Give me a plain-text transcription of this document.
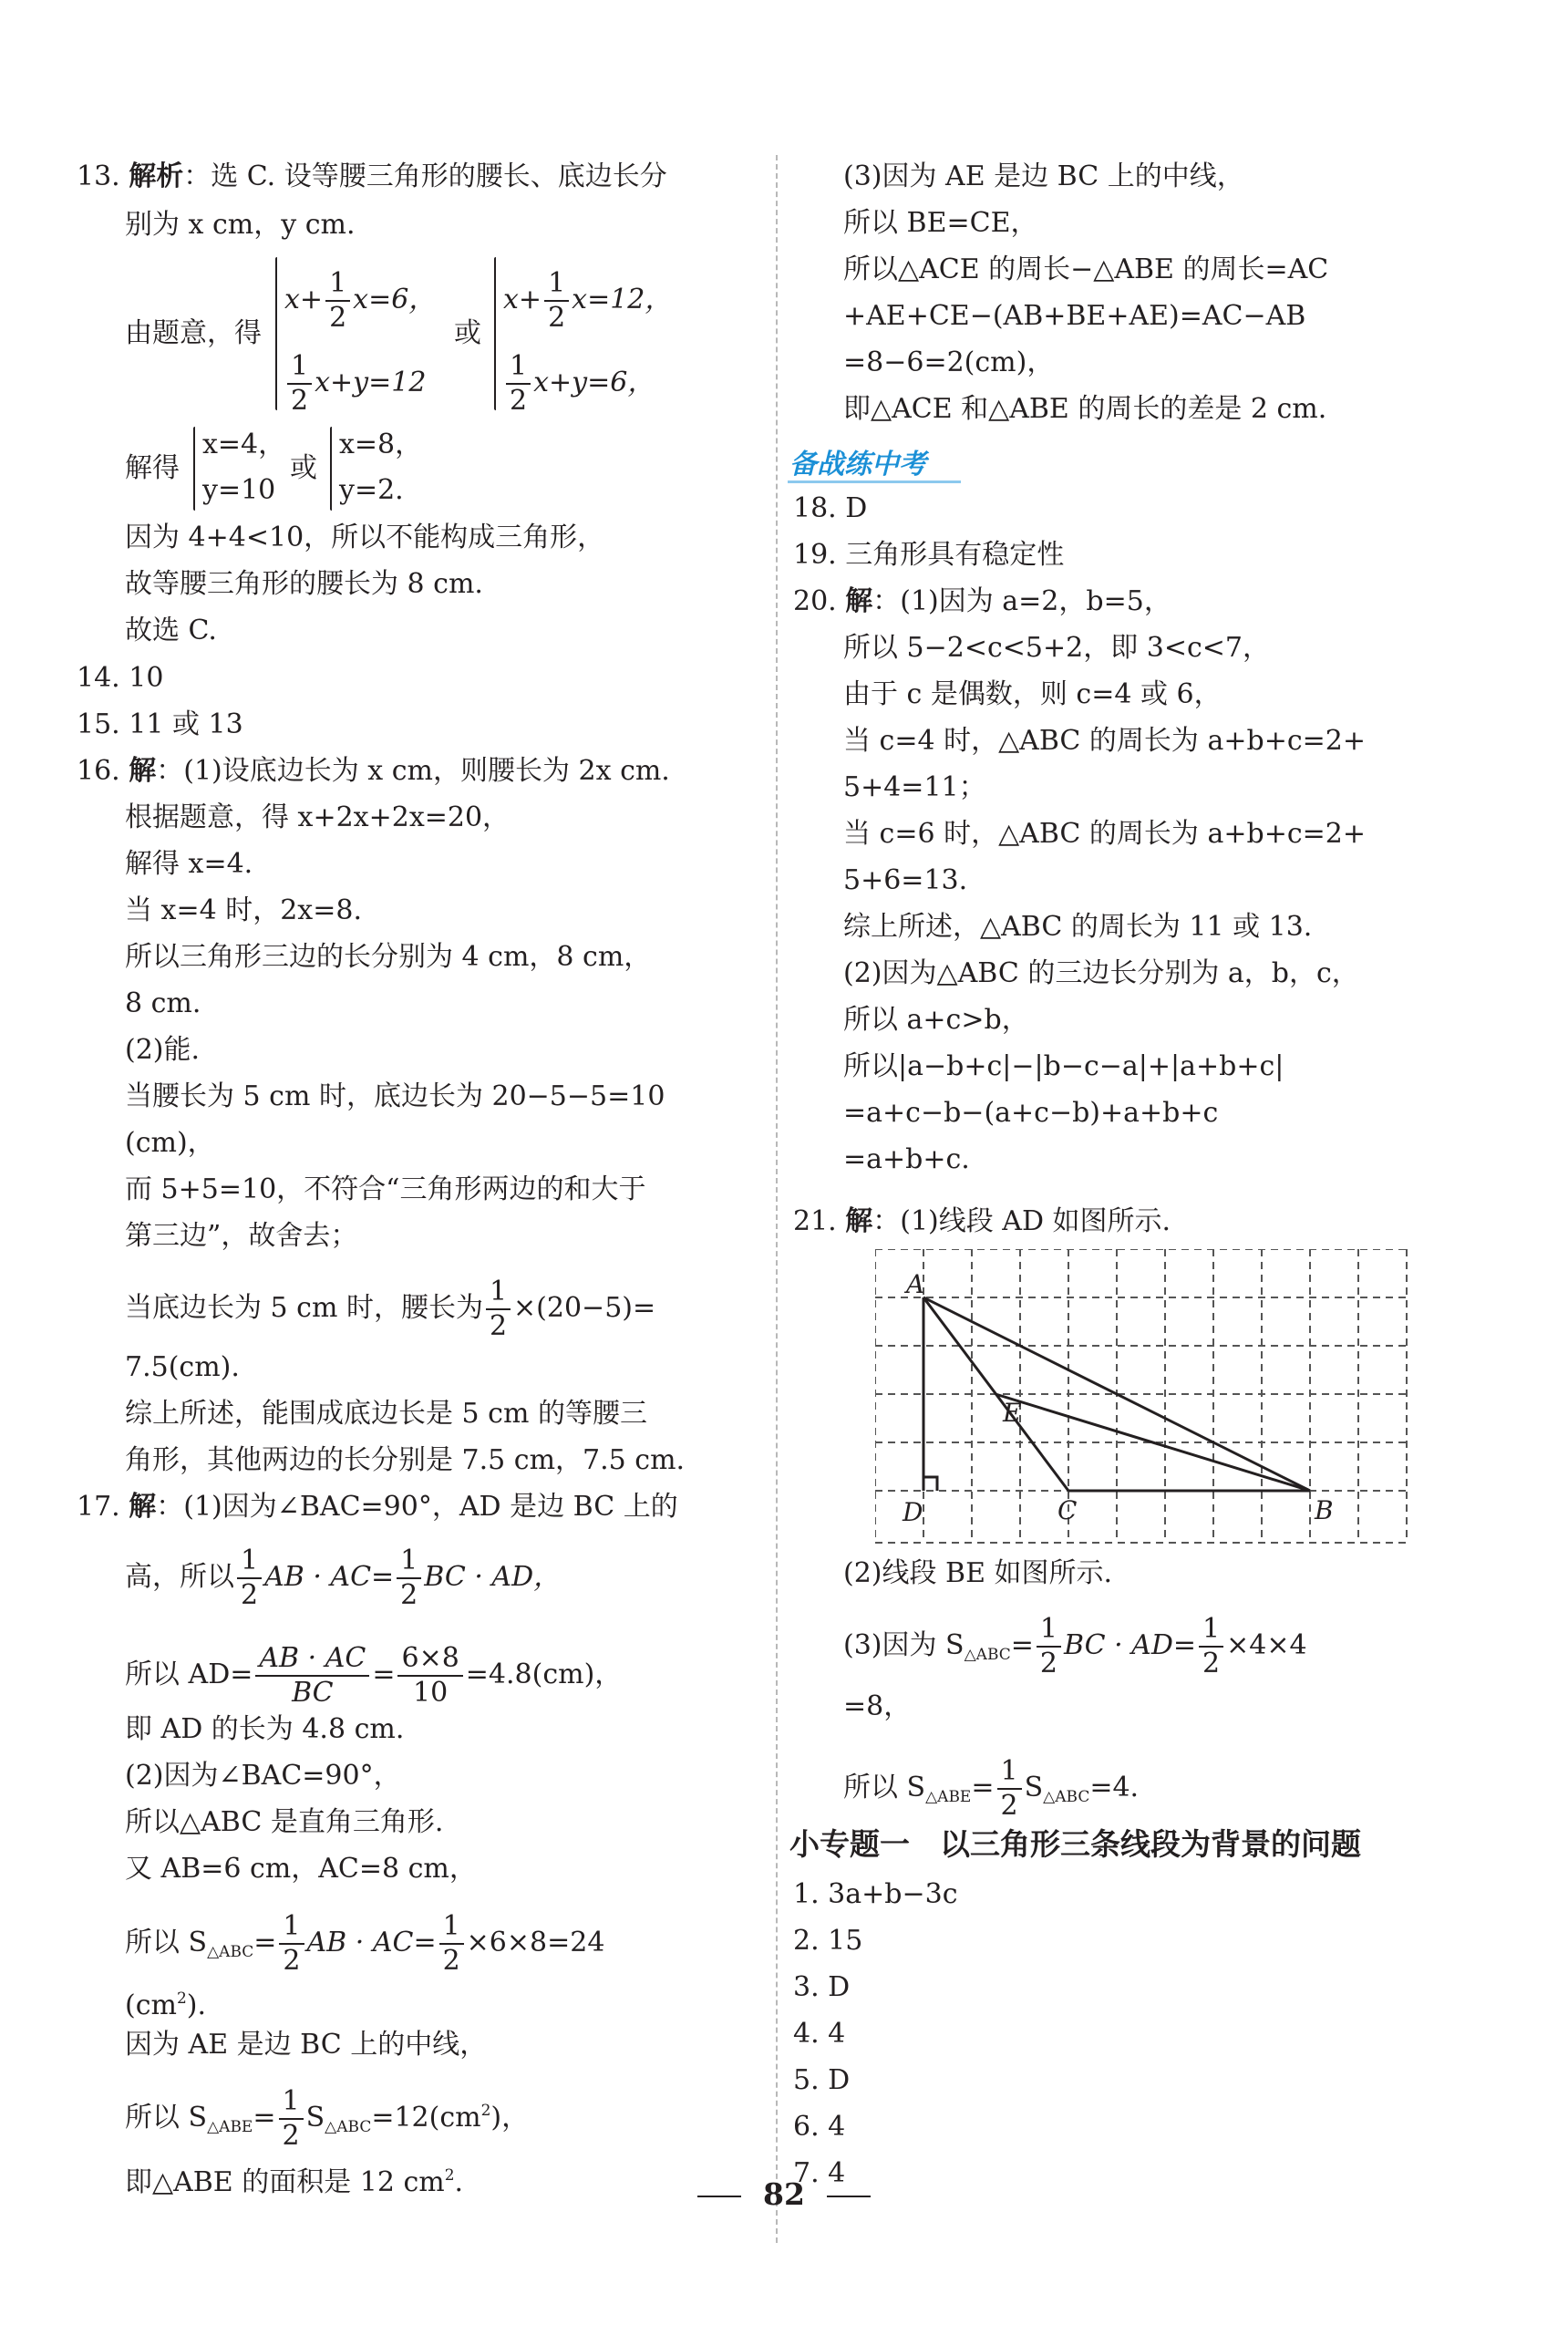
13. 解析：选 C. 设等腰三角形的腰长、底边长分
别为 x cm，y cm.
由题意，得
$x+ \frac{1}{2} x=6$，
$\frac{1}{2} x+y=12$
或
$x+ \frac{1}{2} x=12$，
$\frac{1}{2} x+y=6$，
解得
x=4，
y=10
或
x=8，
y=2.
因为 4+4<10，所以不能构成三角形，
故等腰三角形的腰长为 8 cm.
故选 C.
14. 10
15. 11 或 13
16. 解：(1)设底边长为 x cm，则腰长为 2x cm.
根据题意，得 x+2x+2x=20，
解得 x=4.
当 x=4 时，2x=8.
所以三角形三边的长分别为 4 cm，8 cm，
8 cm.
(2)能.
当腰长为 5 cm 时，底边长为 20−5−5=10
(cm)，
而 5+5=10，不符合“三角形两边的和大于
第三边”，故舍去；
当底边长为 5 cm 时，腰长为 $\frac{1}{2} \times(20-5)=$
7.5(cm).
综上所述，能围成底边长是 5 cm 的等腰三
角形，其他两边的长分别是 7.5 cm，7.5 cm.
17. 解：(1)因为∠BAC=90°，AD 是边 BC 上的
高，所以 $\frac{1}{2}$ AB · $AC= \frac{1}{2}$ BC · AD，
所以 $AD= \frac{AB \cdot AC}{BC} = \frac{6\times 8}{10} =4.8(cm)$，
即 AD 的长为 4.8 cm.
(2)因为∠BAC=90°，
所以△ABC 是直角三角形.
又 AB=6 cm，AC=8 cm，
所以 $S_{\triangle ABC}= \frac{1}{2}$ AB · $AC= \frac{1}{2} \times 6\times 8=24$
$(cm^2)$.
因为 AE 是边 BC 上的中线，
所以 $S_{\triangle ABE}= \frac{1}{2} S_{\triangle ABC}=12(cm^2)$，
即△ABE 的面积是 12 $cm^2$.
(3)因为 AE 是边 BC 上的中线，
所以 BE=CE，
所以△ACE 的周长−△ABE 的周长=AC
+AE+CE−(AB+BE+AE)=AC−AB
=8−6=2(cm)，
即△ACE 和△ABE 的周长的差是 2 cm.
备战练中考
18. D
19. 三角形具有稳定性
20. 解：(1)因为 a=2，b=5，
所以 5−2<c<5+2，即 3<c<7，
由于 c 是偶数，则 c=4 或 6，
当 c=4 时，△ABC 的周长为 a+b+c=2+
5+4=11；
当 c=6 时，△ABC 的周长为 a+b+c=2+
5+6=13.
综上所述，△ABC 的周长为 11 或 13.
(2)因为△ABC 的三边长分别为 a，b，c，
所以 a+c>b，
所以|a−b+c|−|b−c−a|+|a+b+c|
=a+c−b−(a+c−b)+a+b+c
=a+b+c.
21. 解：(1)线段 AD 如图所示.
A
E
D	C	B
(2)线段 BE 如图所示.
(3)因为 $S_{\triangle ABC}= \frac{1}{2}$ BC · $AD= \frac{1}{2} \times 4\times 4$
=8，
所以 $S_{\triangle ABE}= \frac{1}{2} S_{\triangle ABC}=4$.
小专题一　以三角形三条线段为背景的问题
1. 3a+b−3c
2. 15
3. D
4. 4
5. D
6. 4
7. 4
82
